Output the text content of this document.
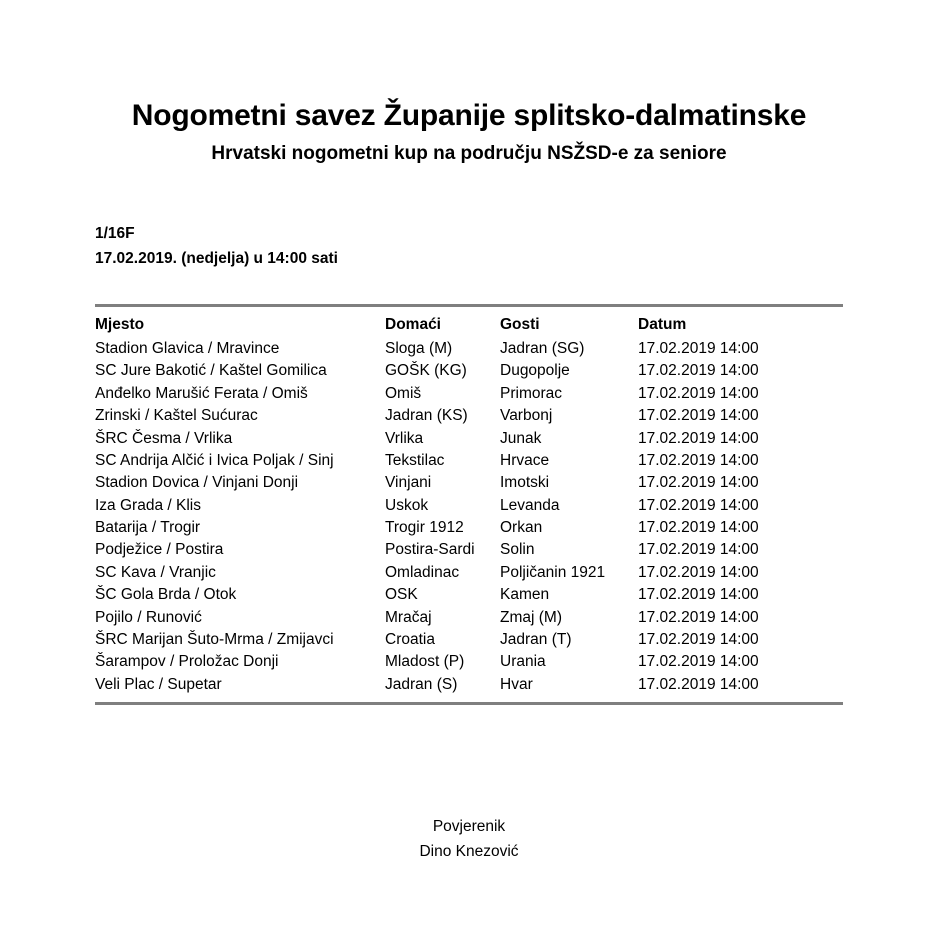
Nogometni savez Županije splitsko-dalmatinske
Hrvatski nogometni kup na području NSŽSD-e za seniore
1/16F
17.02.2019. (nedjelja) u 14:00 sati
Mjesto	Domaći	Gosti	Datum
Stadion Glavica / Mravince	Sloga (M)	Jadran (SG)	17.02.2019 14:00
SC Jure Bakotić / Kaštel Gomilica	GOŠK (KG)	Dugopolje	17.02.2019 14:00
Anđelko Marušić Ferata / Omiš	Omiš	Primorac	17.02.2019 14:00
Zrinski / Kaštel Sućurac	Jadran (KS)	Varbonj	17.02.2019 14:00
ŠRC Česma / Vrlika	Vrlika	Junak	17.02.2019 14:00
SC Andrija Alčić i Ivica Poljak / Sinj	Tekstilac	Hrvace	17.02.2019 14:00
Stadion Dovica / Vinjani Donji	Vinjani	Imotski	17.02.2019 14:00
Iza Grada / Klis	Uskok	Levanda	17.02.2019 14:00
Batarija / Trogir	Trogir 1912	Orkan	17.02.2019 14:00
Podježice / Postira	Postira-Sardi	Solin	17.02.2019 14:00
SC Kava / Vranjic	Omladinac	Poljičanin 1921	17.02.2019 14:00
ŠC Gola Brda / Otok	OSK	Kamen	17.02.2019 14:00
Pojilo / Runović	Mračaj	Zmaj (M)	17.02.2019 14:00
ŠRC Marijan Šuto-Mrma / Zmijavci	Croatia	Jadran (T)	17.02.2019 14:00
Šarampov / Proložac Donji	Mladost (P)	Urania	17.02.2019 14:00
Veli Plac / Supetar	Jadran (S)	Hvar	17.02.2019 14:00
Povjerenik
Dino Knezović
